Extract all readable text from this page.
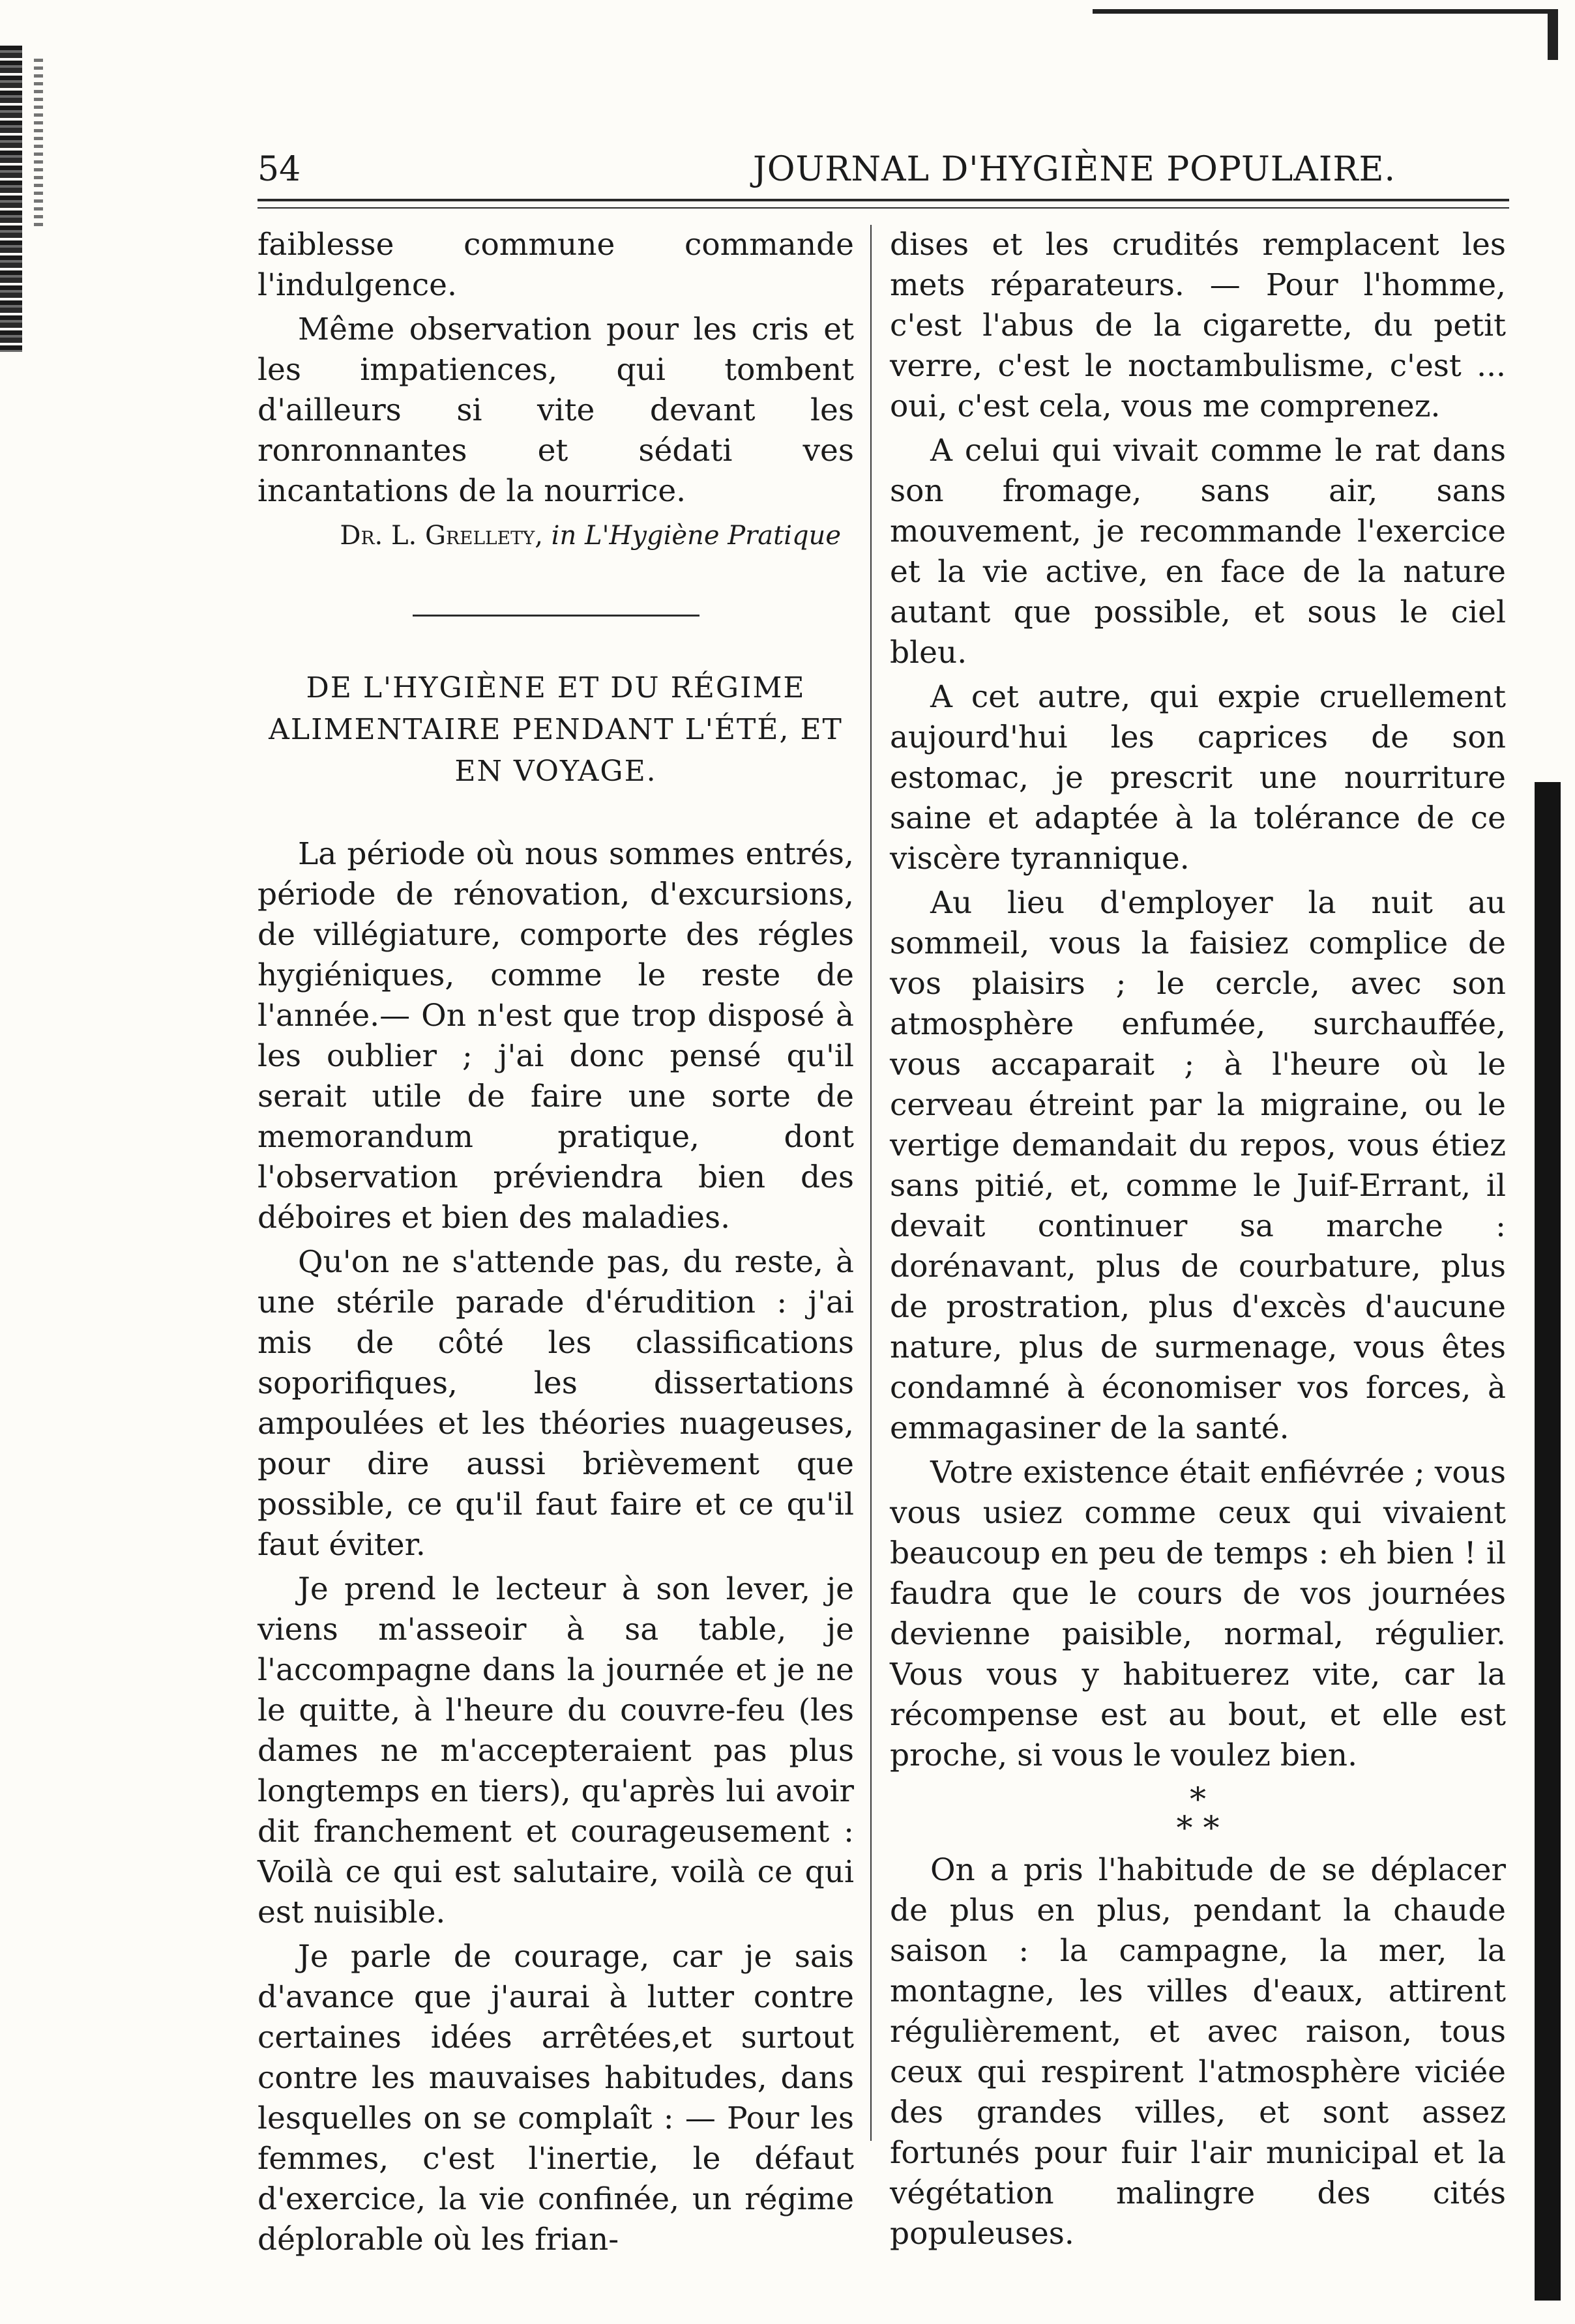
54	JOURNAL D'HYGIÈNE POPULAIRE.

faiblesse commune commande l'indulgence.

Même observation pour les cris et les impatiences, qui tombent d'ailleurs si vite devant les ronronnantes et sédati ves incantations de la nourrice.

Dr. L. Grellety, in L'Hygiène Pratique
DE L'HYGIÈNE ET DU RÉGIME ALIMENTAIRE PENDANT L'ÉTÉ, ET EN VOYAGE.

La période où nous sommes entrés, période de rénovation, d'excursions, de villégiature, comporte des régles hygiéniques, comme le reste de l'année.— On n'est que trop disposé à les oublier ; j'ai donc pensé qu'il serait utile de faire une sorte de memorandum pratique, dont l'observation préviendra bien des déboires et bien des maladies.

Qu'on ne s'attende pas, du reste, à une stérile parade d'érudition : j'ai mis de côté les classifications soporifiques, les dissertations ampoulées et les théories nuageuses, pour dire aussi brièvement que possible, ce qu'il faut faire et ce qu'il faut éviter.

Je prend le lecteur à son lever, je viens m'asseoir à sa table, je l'accompagne dans la journée et je ne le quitte, à l'heure du couvre-feu (les dames ne m'accepteraient pas plus longtemps en tiers), qu'après lui avoir dit franchement et courageusement : Voilà ce qui est salutaire, voilà ce qui est nuisible.

Je parle de courage, car je sais d'avance que j'aurai à lutter contre certaines idées arrêtées,et surtout contre les mauvaises habitudes, dans lesquelles on se complaît : — Pour les femmes, c'est l'inertie, le défaut d'exercice, la vie confinée, un régime déplorable où les frian-

dises et les crudités remplacent les mets réparateurs. — Pour l'homme, c'est l'abus de la cigarette, du petit verre, c'est le noctambulisme, c'est ... oui, c'est cela, vous me comprenez.

A celui qui vivait comme le rat dans son fromage, sans air, sans mouvement, je recommande l'exercice et la vie active, en face de la nature autant que possible, et sous le ciel bleu.

A cet autre, qui expie cruellement aujourd'hui les caprices de son estomac, je prescrit une nourriture saine et adaptée à la tolérance de ce viscère tyrannique.

Au lieu d'employer la nuit au sommeil, vous la faisiez complice de vos plaisirs ; le cercle, avec son atmosphère enfumée, surchauffée, vous accaparait ; à l'heure où le cerveau étreint par la migraine, ou le vertige demandait du repos, vous étiez sans pitié, et, comme le Juif-Errant, il devait continuer sa marche : dorénavant, plus de courbature, plus de prostration, plus d'excès d'aucune nature, plus de surmenage, vous êtes condamné à économiser vos forces, à emmagasiner de la santé.

Votre existence était enfiévrée ; vous vous usiez comme ceux qui vivaient beaucoup en peu de temps : eh bien ! il faudra que le cours de vos journées devienne paisible, normal, régulier. Vous vous y habituerez vite, car la récompense est au bout, et elle est proche, si vous le voulez bien.

*
* *

On a pris l'habitude de se déplacer de plus en plus, pendant la chaude saison : la campagne, la mer, la montagne, les villes d'eaux, attirent régulièrement, et avec raison, tous ceux qui respirent l'atmosphère viciée des grandes villes, et sont assez fortunés pour fuir l'air municipal et la végétation malingre des cités populeuses.
